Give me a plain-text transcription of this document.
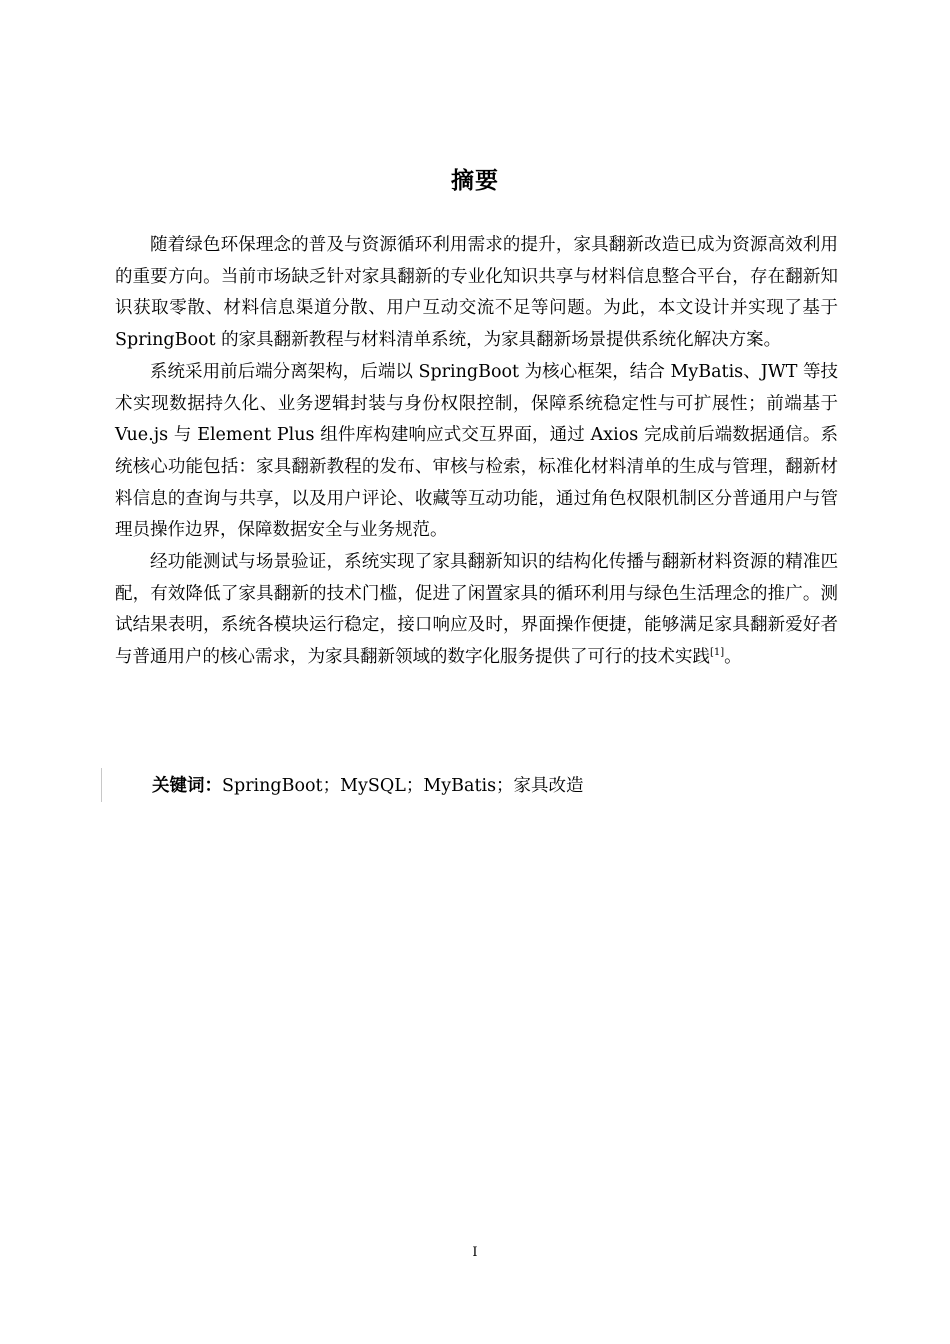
摘要

随着绿色环保理念的普及与资源循环利用需求的提升，家具翻新改造已成为资源高效利用的重要方向。当前市场缺乏针对家具翻新的专业化知识共享与材料信息整合平台，存在翻新知识获取零散、材料信息渠道分散、用户互动交流不足等问题。为此，本文设计并实现了基于 SpringBoot 的家具翻新教程与材料清单系统，为家具翻新场景提供系统化解决方案。

系统采用前后端分离架构，后端以 SpringBoot 为核心框架，结合 MyBatis、JWT 等技术实现数据持久化、业务逻辑封装与身份权限控制，保障系统稳定性与可扩展性；前端基于 Vue.js 与 Element Plus 组件库构建响应式交互界面，通过 Axios 完成前后端数据通信。系统核心功能包括：家具翻新教程的发布、审核与检索，标准化材料清单的生成与管理，翻新材料信息的查询与共享，以及用户评论、收藏等互动功能，通过角色权限机制区分普通用户与管理员操作边界，保障数据安全与业务规范。

经功能测试与场景验证，系统实现了家具翻新知识的结构化传播与翻新材料资源的精准匹配，有效降低了家具翻新的技术门槛，促进了闲置家具的循环利用与绿色生活理念的推广。测试结果表明，系统各模块运行稳定，接口响应及时，界面操作便捷，能够满足家具翻新爱好者与普通用户的核心需求，为家具翻新领域的数字化服务提供了可行的技术实践[1]。

关键词：SpringBoot；MySQL；MyBatis；家具改造
I
